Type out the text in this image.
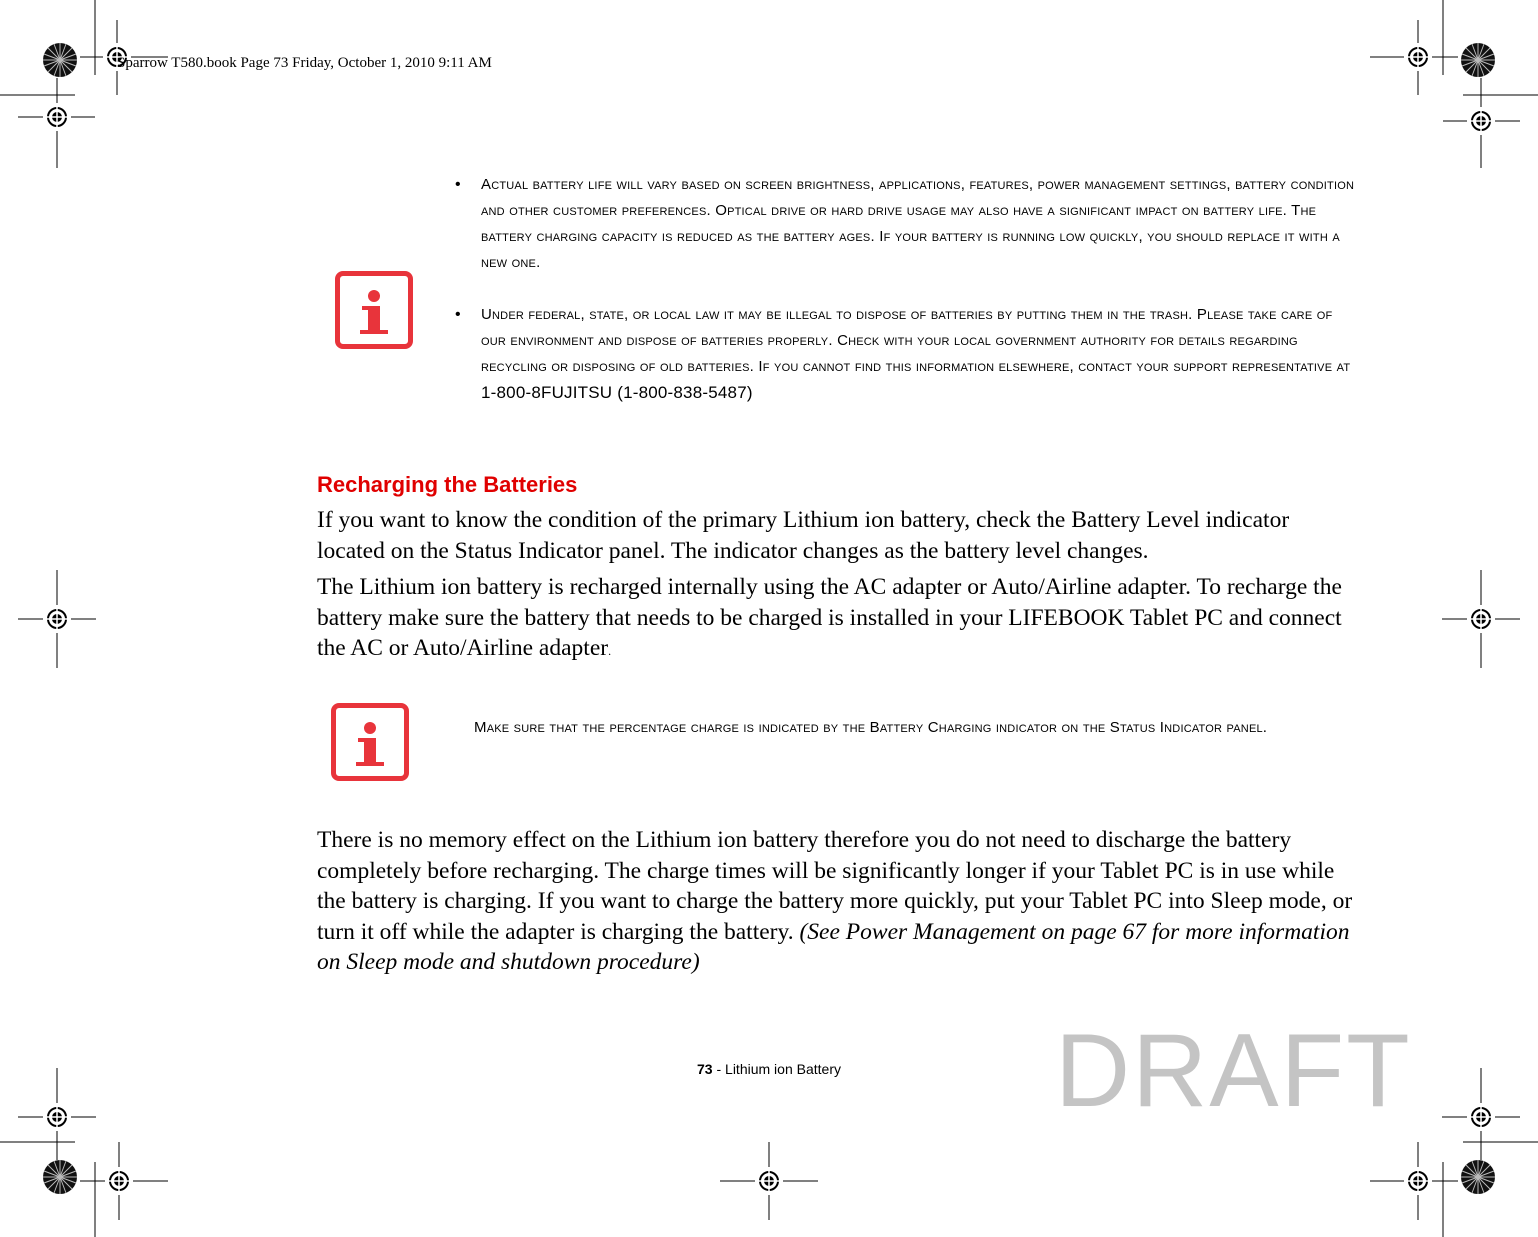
Sparrow T580.book Page 73 Friday, October 1, 2010 9:11 AM
• Actual battery life will vary based on screen brightness, applications, features, power management settings, battery condition and other customer preferences. Optical drive or hard drive usage may also have a significant impact on battery life. The battery charging capacity is reduced as the battery ages. If your battery is running low quickly, you should replace it with a new one.
• Under federal, state, or local law it may be illegal to dispose of batteries by putting them in the trash. Please take care of our environment and dispose of batteries properly. Check with your local government authority for details regarding recycling or disposing of old batteries. If you cannot find this information elsewhere, contact your support representative at 1-800-8FUJITSU (1-800-838-5487)
Recharging the Batteries
If you want to know the condition of the primary Lithium ion battery, check the Battery Level indicator located on the Status Indicator panel. The indicator changes as the battery level changes.
The Lithium ion battery is recharged internally using the AC adapter or Auto/Airline adapter. To recharge the battery make sure the battery that needs to be charged is installed in your LIFEBOOK Tablet PC and connect the AC or Auto/Airline adapter.
Make sure that the percentage charge is indicated by the Battery Charging indicator on the Status Indicator panel.
There is no memory effect on the Lithium ion battery therefore you do not need to discharge the battery completely before recharging. The charge times will be significantly longer if your Tablet PC is in use while the battery is charging. If you want to charge the battery more quickly, put your Tablet PC into Sleep mode, or turn it off while the adapter is charging the battery. (See Power Management on page 67 for more information on Sleep mode and shutdown procedure)
73 - Lithium ion Battery	DRAFT
